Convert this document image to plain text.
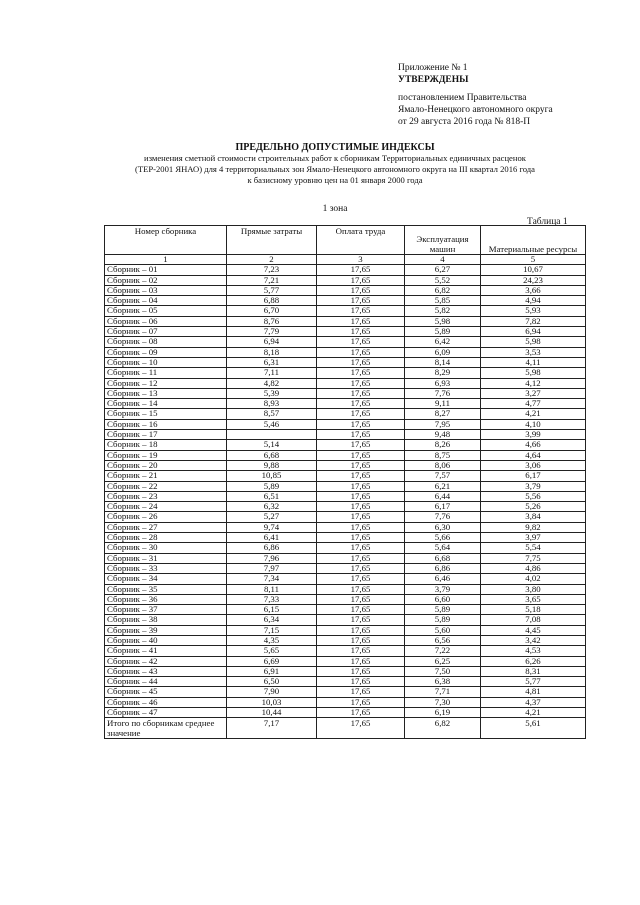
Приложение № 1
УТВЕРЖДЕНЫ
постановлением Правительства
Ямало-Ненецкого автономного округа
от 29 августа 2016 года № 818-П
ПРЕДЕЛЬНО ДОПУСТИМЫЕ ИНДЕКСЫ
изменения сметной стоимости строительных работ к сборникам Территориальных единичных расценок
(ТЕР-2001 ЯНАО) для 4 территориальных зон Ямало-Ненецкого автономного округа на III квартал 2016 года
к базисному уровню цен на 01 января 2000 года
1 зона
Таблица 1
Номер сборника	Прямые затраты	Оплата труда	Эксплуатация машин	Материальные ресурсы
1	2	3	4	5
Сборник – 01	7,23	17,65	6,27	10,67
Сборник – 02	7,21	17,65	5,52	24,23
Сборник – 03	5,77	17,65	6,82	3,66
Сборник – 04	6,88	17,65	5,85	4,94
Сборник – 05	6,70	17,65	5,82	5,93
Сборник – 06	8,76	17,65	5,98	7,82
Сборник – 07	7,79	17,65	5,89	6,94
Сборник – 08	6,94	17,65	6,42	5,98
Сборник – 09	8,18	17,65	6,09	3,53
Сборник – 10	6,31	17,65	8,14	4,11
Сборник – 11	7,11	17,65	8,29	5,98
Сборник – 12	4,82	17,65	6,93	4,12
Сборник – 13	5,39	17,65	7,76	3,27
Сборник – 14	8,93	17,65	9,11	4,77
Сборник – 15	8,57	17,65	8,27	4,21
Сборник – 16	5,46	17,65	7,95	4,10
Сборник – 17		17,65	9,48	3,99
Сборник – 18	5,14	17,65	8,26	4,66
Сборник – 19	6,68	17,65	8,75	4,64
Сборник – 20	9,88	17,65	8,06	3,06
Сборник – 21	10,85	17,65	7,57	6,17
Сборник – 22	5,89	17,65	6,21	3,79
Сборник – 23	6,51	17,65	6,44	5,56
Сборник – 24	6,32	17,65	6,17	5,26
Сборник – 26	5,27	17,65	7,76	3,84
Сборник – 27	9,74	17,65	6,30	9,82
Сборник – 28	6,41	17,65	5,66	3,97
Сборник – 30	6,86	17,65	5,64	5,54
Сборник – 31	7,96	17,65	6,68	7,75
Сборник – 33	7,97	17,65	6,86	4,86
Сборник – 34	7,34	17,65	6,46	4,02
Сборник – 35	8,11	17,65	3,79	3,80
Сборник – 36	7,33	17,65	6,60	3,65
Сборник – 37	6,15	17,65	5,89	5,18
Сборник – 38	6,34	17,65	5,89	7,08
Сборник – 39	7,15	17,65	5,60	4,45
Сборник – 40	4,35	17,65	6,56	3,42
Сборник – 41	5,65	17,65	7,22	4,53
Сборник – 42	6,69	17,65	6,25	6,26
Сборник – 43	6,91	17,65	7,50	8,31
Сборник – 44	6,50	17,65	6,38	5,77
Сборник – 45	7,90	17,65	7,71	4,81
Сборник – 46	10,03	17,65	7,30	4,37
Сборник – 47	10,44	17,65	6,19	4,21
Итого по сборникам среднее значение	7,17	17,65	6,82	5,61
